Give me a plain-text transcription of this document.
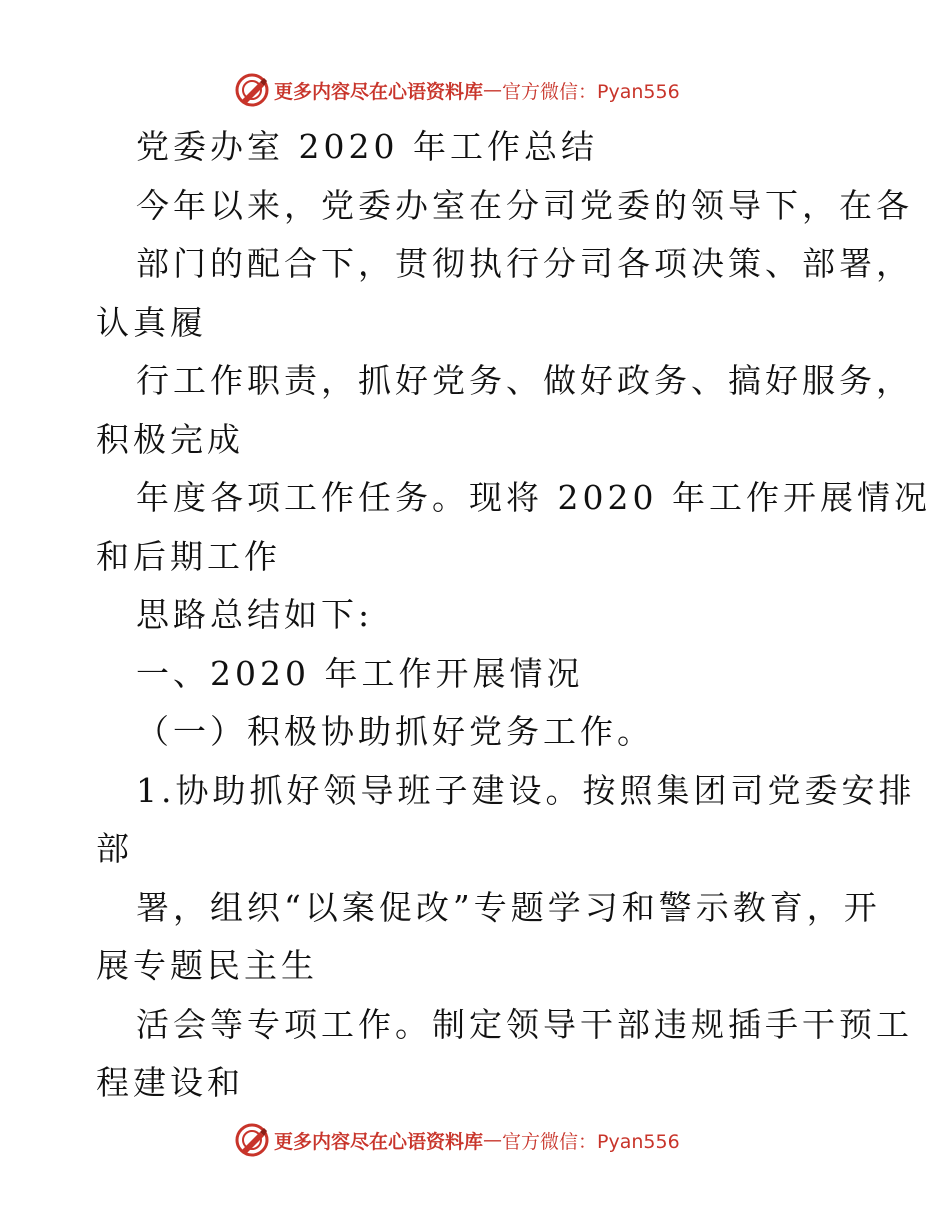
更多内容尽在心语资料库 — 官方微信：Pyan556
党委办室 2020 年工作总结
今年以来，党委办室在分司党委的领导下，在各
部门的配合下，贯彻执行分司各项决策、部署，
认真履
行工作职责，抓好党务、做好政务、搞好服务，
积极完成
年度各项工作任务。现将 2020 年工作开展情况
和后期工作
思路总结如下:
一、2020 年工作开展情况
（一）积极协助抓好党务工作。
1.协助抓好领导班子建设。按照集团司党委安排
部
署，组织“以案促改”专题学习和警示教育，开
展专题民主生
活会等专项工作。制定领导干部违规插手干预工
程建设和
更多内容尽在心语资料库 — 官方微信：Pyan556
